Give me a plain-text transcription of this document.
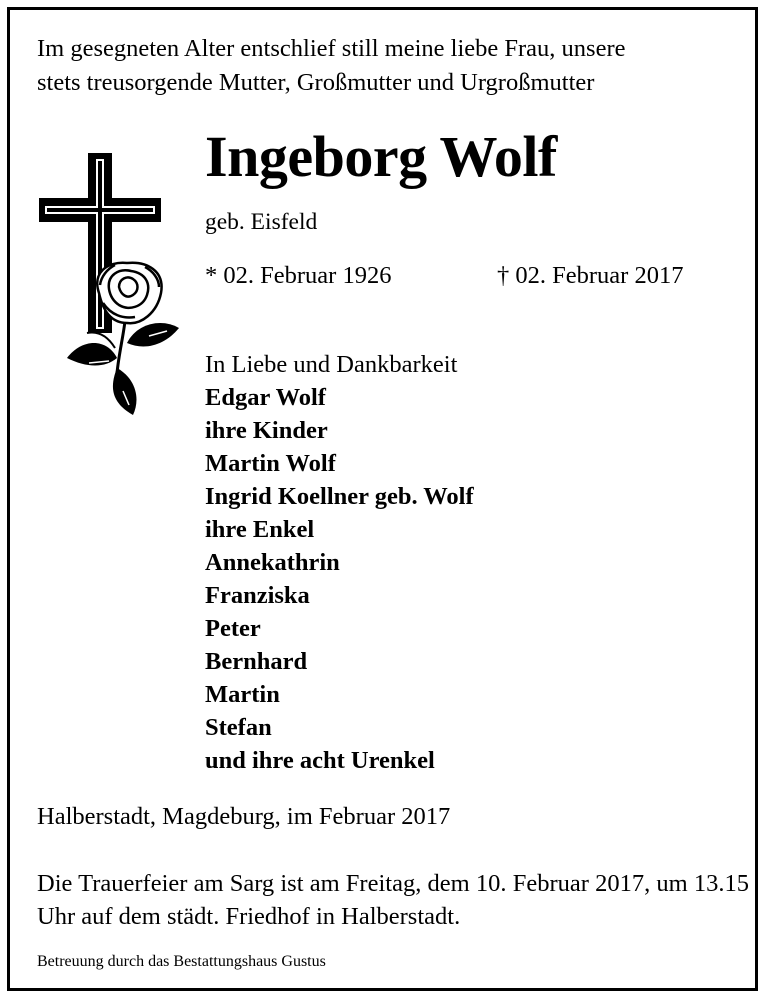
Im gesegneten Alter entschlief still meine liebe Frau, unsere
stets treusorgende Mutter, Großmutter und Urgroßmutter
Ingeborg Wolf
geb. Eisfeld
* 02. Februar 1926	† 02. Februar 2017
In Liebe und Dankbarkeit
Edgar Wolf
ihre Kinder
Martin Wolf
Ingrid Koellner geb. Wolf
ihre Enkel
Annekathrin
Franziska
Peter
Bernhard
Martin
Stefan
und ihre acht Urenkel
Halberstadt, Magdeburg, im Februar 2017
Die Trauerfeier am Sarg ist am Freitag, dem 10. Februar 2017, um 13.15 Uhr auf dem städt. Friedhof in Halberstadt.
Betreuung durch das Bestattungshaus Gustus
